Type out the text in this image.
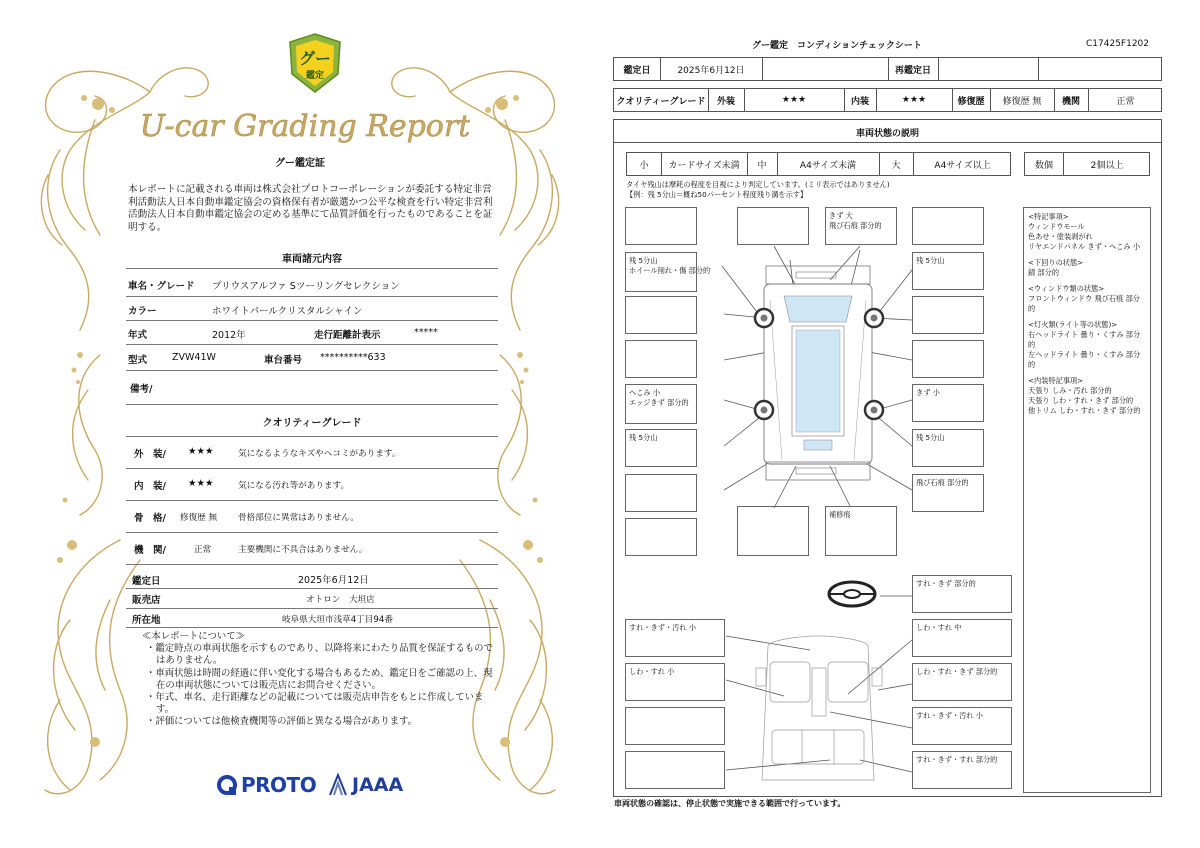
グー
鑑定
U-car Grading Report
グー鑑定証
本レポートに記載される車両は株式会社プロトコーポレーションが委託する特定非営利活動法人日本自動車鑑定協会の資格保有者が厳選かつ公平な検査を行い特定非営利活動法人日本自動車鑑定協会の定める基準にて品質評価を行ったものであることを証明する。
車両諸元内容
車名・グレード プリウスアルファ Sツーリングセレクション
カラー	ホワイトパールクリスタルシャイン
年式	2012年	走行距離計表示	*****
型式	ZVW41W	車台番号 **********633
備考/
クオリティーグレード
外　装/ ★★★	気になるようなキズやヘコミがあります。
内　装/ ★★★	気になる汚れ等があります。
骨　格/ 修復歴 無 骨格部位に異常はありません。
機　関/	正常	主要機関に不具合はありません。
鑑定日	2025年6月12日
販売店	オトロン　大垣店
所在地	岐阜県大垣市浅草4丁目94番
≪本レポートについて≫
・鑑定時点の車両状態を示すものであり、以降将来にわたり品質を保証するものではありません。
・車両状態は時間の経過に伴い変化する場合もあるため、鑑定日をご確認の上、現在の車両状態については販売店にお問合せください。
・年式、車名、走行距離などの記載については販売店申告をもとに作成しています。
・評価については他検査機関等の評価と異なる場合があります。
PROTO JAAA
グー鑑定　コンディションチェックシート	C17425F1202
鑑定日	2025年6月12日	再鑑定日
クオリティーグレード	外装	★★★	内装	★★★	修復歴	修復歴 無	機関	正常
車両状態の説明
小	カードサイズ未満	中	A4サイズ未満	大	A4サイズ以上	数個	2個以上
タイヤ残山は摩耗の程度を目視により判定しています。(ミリ表示ではありません)
【例：残 5分山＝概ね50パーセント程度残り溝を示す】
きず 大
飛び石痕 部分的
残 5分山
ホイール削れ・傷 部分的
残 5分山
へこみ 小
エッジきず 部分的
きず 小
残 5分山	残 5分山
飛び石痕 部分的
補修痕
すれ・きず 部分的
すれ・きず・汚れ 小	しわ・すれ 中
しわ・すれ 小	しわ・すれ・きず 部分的
すれ・きず・汚れ 小
すれ・きず・すれ 部分的
<特記事項>
ウィンドウモール
色あせ・塗装剥がれ
リヤエンドパネル きず・へこみ 小
<下回りの状態>
錆 部分的
<ウィンドウ類の状態>
フロントウィンドウ 飛び石痕 部分的
<灯火類(ライト等の状態)>
右ヘッドライト 曇り・くすみ 部分的
左ヘッドライト 曇り・くすみ 部分的
<内装特記事項>
天張り しみ・汚れ 部分的
天張り しわ・すれ・きず 部分的
他トリム しわ・すれ・きず 部分的
車両状態の確認は、停止状態で実施できる範囲で行っています。
